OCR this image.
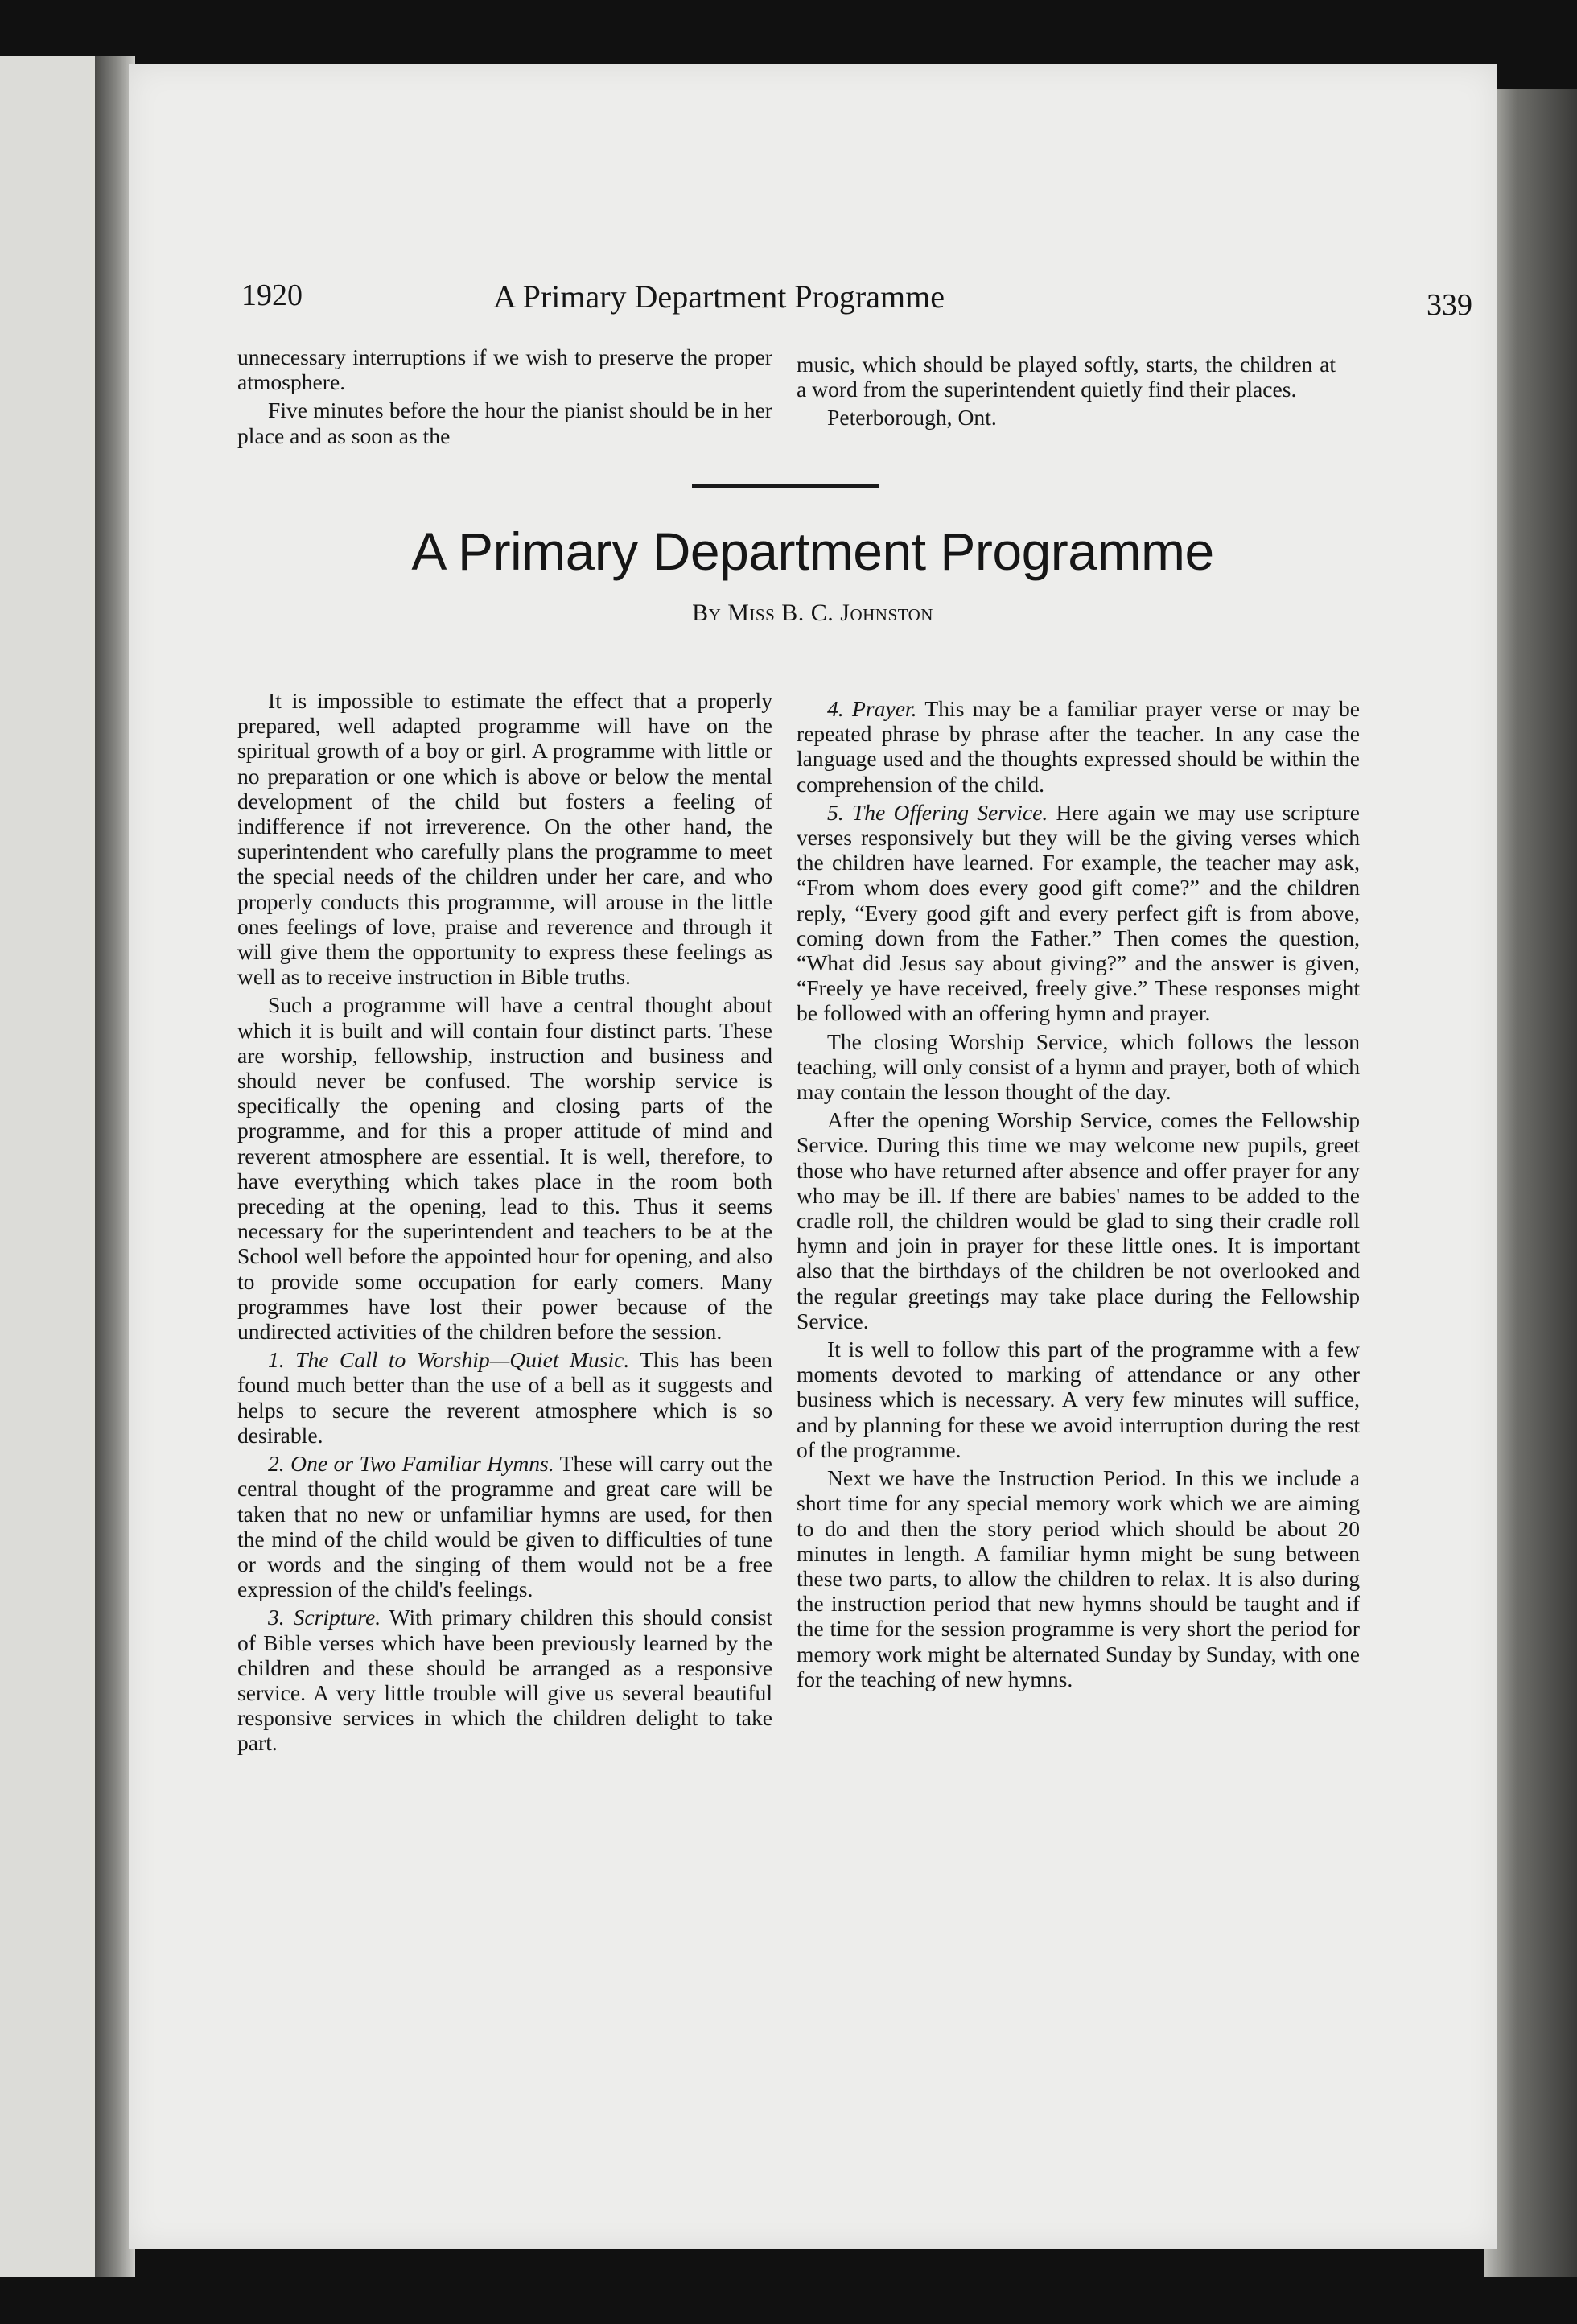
1920	A Primary Department Programme	339

unnecessary interruptions if we wish to preserve the proper atmosphere.

Five minutes before the hour the pianist should be in her place and as soon as the

music, which should be played softly, starts, the children at a word from the superintendent quietly find their places.

Peterborough, Ont.

A Primary Department Programme
By Miss B. C. Johnston

It is impossible to estimate the effect that a properly prepared, well adapted programme will have on the spiritual growth of a boy or girl. A programme with little or no preparation or one which is above or below the mental development of the child but fosters a feeling of indifference if not irreverence. On the other hand, the superintendent who carefully plans the programme to meet the special needs of the children under her care, and who properly conducts this programme, will arouse in the little ones feelings of love, praise and reverence and through it will give them the opportunity to express these feelings as well as to receive instruction in Bible truths.

Such a programme will have a central thought about which it is built and will contain four distinct parts. These are worship, fellowship, instruction and business and should never be confused. The worship service is specifically the opening and closing parts of the programme, and for this a proper attitude of mind and reverent atmosphere are essential. It is well, therefore, to have everything which takes place in the room both preceding at the opening, lead to this. Thus it seems necessary for the superintendent and teachers to be at the School well before the appointed hour for opening, and also to provide some occupation for early comers. Many programmes have lost their power because of the undirected activities of the children before the session.

1. The Call to Worship—Quiet Music. This has been found much better than the use of a bell as it suggests and helps to secure the reverent atmosphere which is so desirable.

2. One or Two Familiar Hymns. These will carry out the central thought of the programme and great care will be taken that no new or unfamiliar hymns are used, for then the mind of the child would be given to difficulties of tune or words and the singing of them would not be a free expression of the child's feelings.

3. Scripture. With primary children this should consist of Bible verses which have been previously learned by the children and these should be arranged as a responsive service. A very little trouble will give us several beautiful responsive services in which the children delight to take part.

4. Prayer. This may be a familiar prayer verse or may be repeated phrase by phrase after the teacher. In any case the language used and the thoughts expressed should be within the comprehension of the child.

5. The Offering Service. Here again we may use scripture verses responsively but they will be the giving verses which the children have learned. For example, the teacher may ask, “From whom does every good gift come?” and the children reply, “Every good gift and every perfect gift is from above, coming down from the Father.” Then comes the question, “What did Jesus say about giving?” and the answer is given, “Freely ye have received, freely give.” These responses might be followed with an offering hymn and prayer.

The closing Worship Service, which follows the lesson teaching, will only consist of a hymn and prayer, both of which may contain the lesson thought of the day.

After the opening Worship Service, comes the Fellowship Service. During this time we may welcome new pupils, greet those who have returned after absence and offer prayer for any who may be ill. If there are babies' names to be added to the cradle roll, the children would be glad to sing their cradle roll hymn and join in prayer for these little ones. It is important also that the birthdays of the children be not overlooked and the regular greetings may take place during the Fellowship Service.

It is well to follow this part of the programme with a few moments devoted to marking of attendance or any other business which is necessary. A very few minutes will suffice, and by planning for these we avoid interruption during the rest of the programme.

Next we have the Instruction Period. In this we include a short time for any special memory work which we are aiming to do and then the story period which should be about 20 minutes in length. A familiar hymn might be sung between these two parts, to allow the children to relax. It is also during the instruction period that new hymns should be taught and if the time for the session programme is very short the period for memory work might be alternated Sunday by Sunday, with one for the teaching of new hymns.
